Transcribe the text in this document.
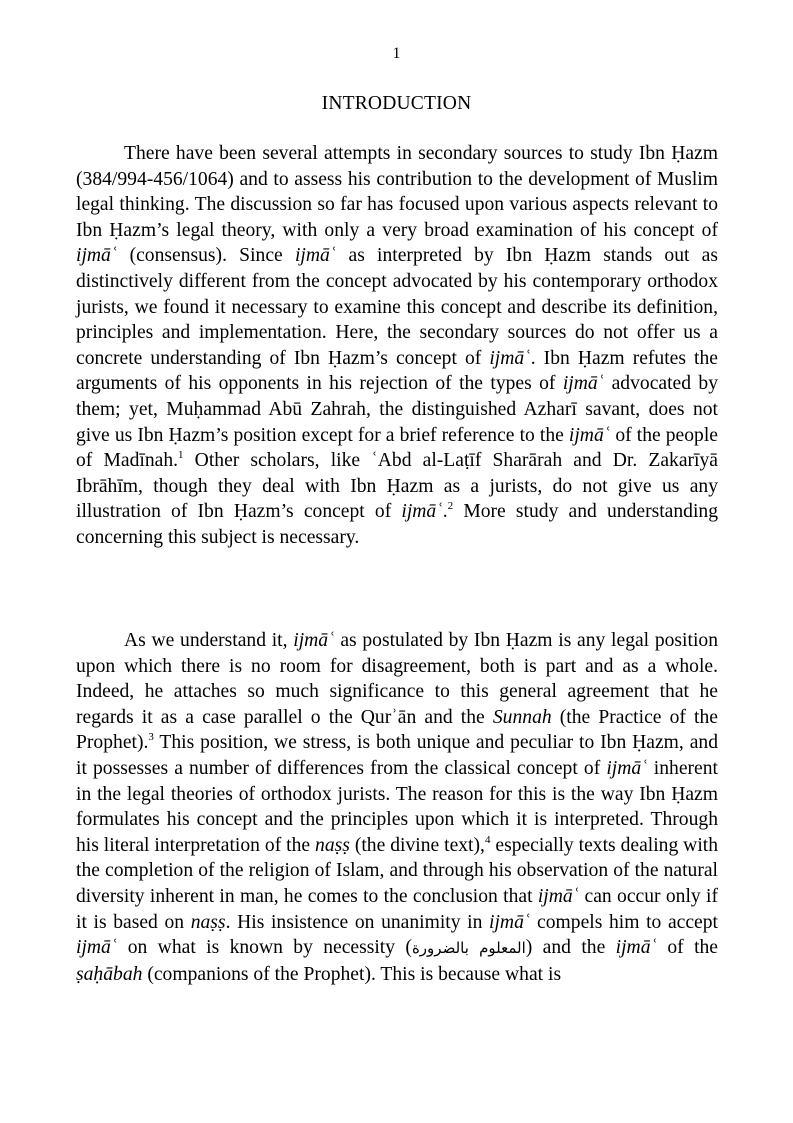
1
INTRODUCTION

There have been several attempts in secondary sources to study Ibn Ḥazm (384/994-456/1064) and to assess his contribution to the development of Muslim legal thinking. The discussion so far has focused upon various aspects relevant to Ibn Ḥazm’s legal theory, with only a very broad examination of his concept of ijmāʿ (consensus). Since ijmāʿ as interpreted by Ibn Ḥazm stands out as distinctively different from the concept advocated by his contemporary orthodox jurists, we found it necessary to examine this concept and describe its definition, principles and implementation. Here, the secondary sources do not offer us a concrete understanding of Ibn Ḥazm’s concept of ijmāʿ. Ibn Ḥazm refutes the arguments of his opponents in his rejection of the types of ijmāʿ advocated by them; yet, Muḥammad Abū Zahrah, the distinguished Azharī savant, does not give us Ibn Ḥazm’s position except for a brief reference to the ijmāʿ of the people of Madīnah.$^1$ Other scholars, like ʿAbd al-Laṭīf Sharārah and Dr. Zakarīyā Ibrāhīm, though they deal with Ibn Ḥazm as a jurists, do not give us any illustration of Ibn Ḥazm’s concept of ijmāʿ.$^2$ More study and understanding concerning this subject is necessary.

As we understand it, ijmāʿ as postulated by Ibn Ḥazm is any legal position upon which there is no room for disagreement, both is part and as a whole. Indeed, he attaches so much significance to this general agreement that he regards it as a case parallel o the Qurʾān and the Sunnah (the Practice of the Prophet).$^3$ This position, we stress, is both unique and peculiar to Ibn Ḥazm, and it possesses a number of differences from the classical concept of ijmāʿ inherent in the legal theories of orthodox jurists. The reason for this is the way Ibn Ḥazm formulates his concept and the principles upon which it is interpreted. Through his literal interpretation of the naṣṣ (the divine text),$^4$ especially texts dealing with the completion of the religion of Islam, and through his observation of the natural diversity inherent in man, he comes to the conclusion that ijmāʿ can occur only if it is based on naṣṣ. His insistence on unanimity in ijmāʿ compels him to accept ijmāʿ on what is known by necessity (المعلوم بالضرورة) and the ijmāʿ of the ṣaḥābah (companions of the Prophet). This is because what is
